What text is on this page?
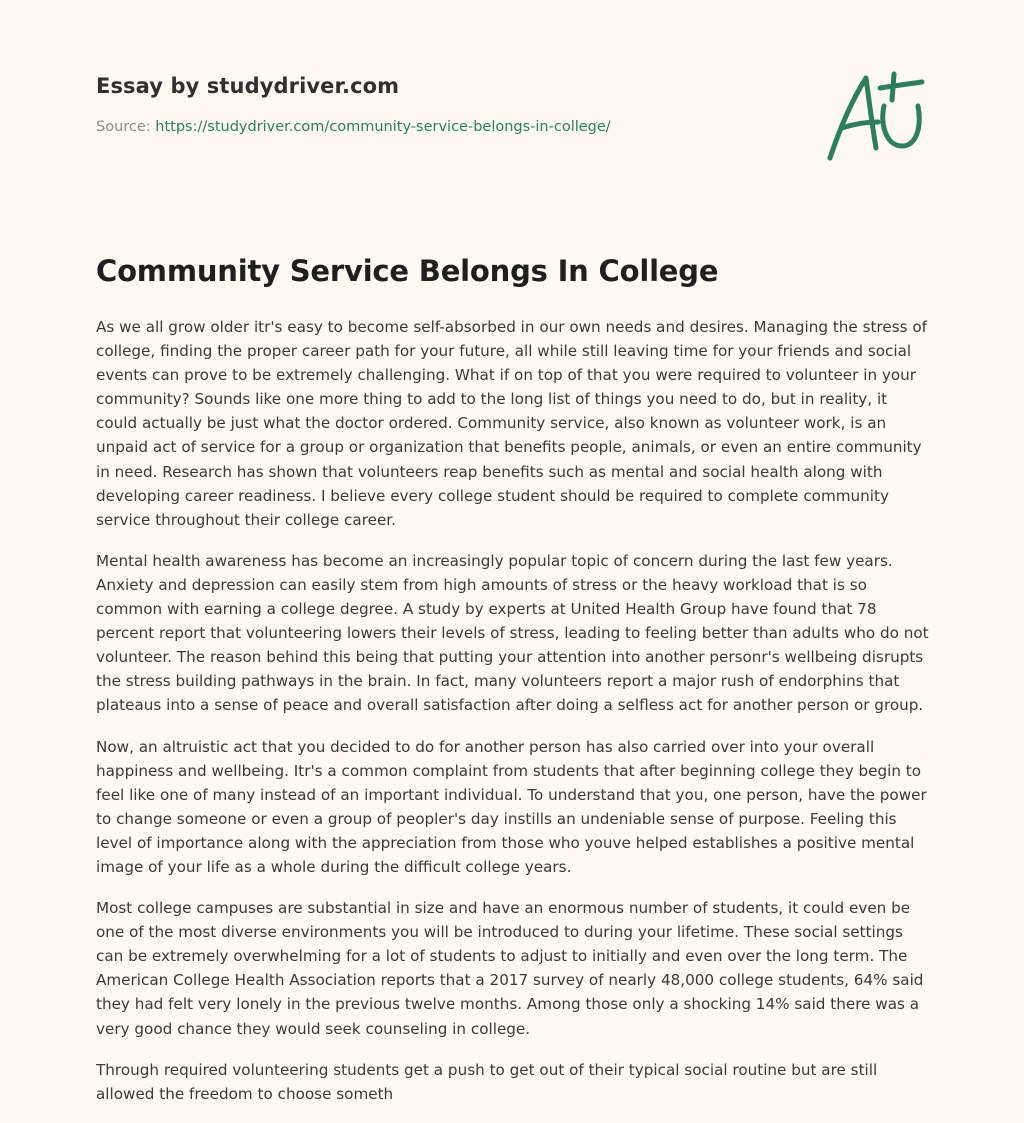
Essay by studydriver.com
Source: https://studydriver.com/community-service-belongs-in-college/
Community Service Belongs In College

As we all grow older itr's easy to become self-absorbed in our own needs and desires. Managing the stress of college, finding the proper career path for your future, all while still leaving time for your friends and social events can prove to be extremely challenging. What if on top of that you were required to volunteer in your community? Sounds like one more thing to add to the long list of things you need to do, but in reality, it could actually be just what the doctor ordered. Community service, also known as volunteer work, is an unpaid act of service for a group or organization that benefits people, animals, or even an entire community in need. Research has shown that volunteers reap benefits such as mental and social health along with developing career readiness. I believe every college student should be required to complete community service throughout their college career.

Mental health awareness has become an increasingly popular topic of concern during the last few years. Anxiety and depression can easily stem from high amounts of stress or the heavy workload that is so common with earning a college degree. A study by experts at United Health Group have found that 78 percent report that volunteering lowers their levels of stress, leading to feeling better than adults who do not volunteer. The reason behind this being that putting your attention into another personr's wellbeing disrupts the stress building pathways in the brain. In fact, many volunteers report a major rush of endorphins that plateaus into a sense of peace and overall satisfaction after doing a selfless act for another person or group.

Now, an altruistic act that you decided to do for another person has also carried over into your overall happiness and wellbeing. Itr's a common complaint from students that after beginning college they begin to feel like one of many instead of an important individual. To understand that you, one person, have the power to change someone or even a group of peopler's day instills an undeniable sense of purpose. Feeling this level of importance along with the appreciation from those who youve helped establishes a positive mental image of your life as a whole during the difficult college years.

Most college campuses are substantial in size and have an enormous number of students, it could even be one of the most diverse environments you will be introduced to during your lifetime. These social settings can be extremely overwhelming for a lot of students to adjust to initially and even over the long term. The American College Health Association reports that a 2017 survey of nearly 48,000 college students, 64% said they had felt very lonely in the previous twelve months. Among those only a shocking 14% said there was a very good chance they would seek counseling in college.

Through required volunteering students get a push to get out of their typical social routine but are still allowed the freedom to choose someth
